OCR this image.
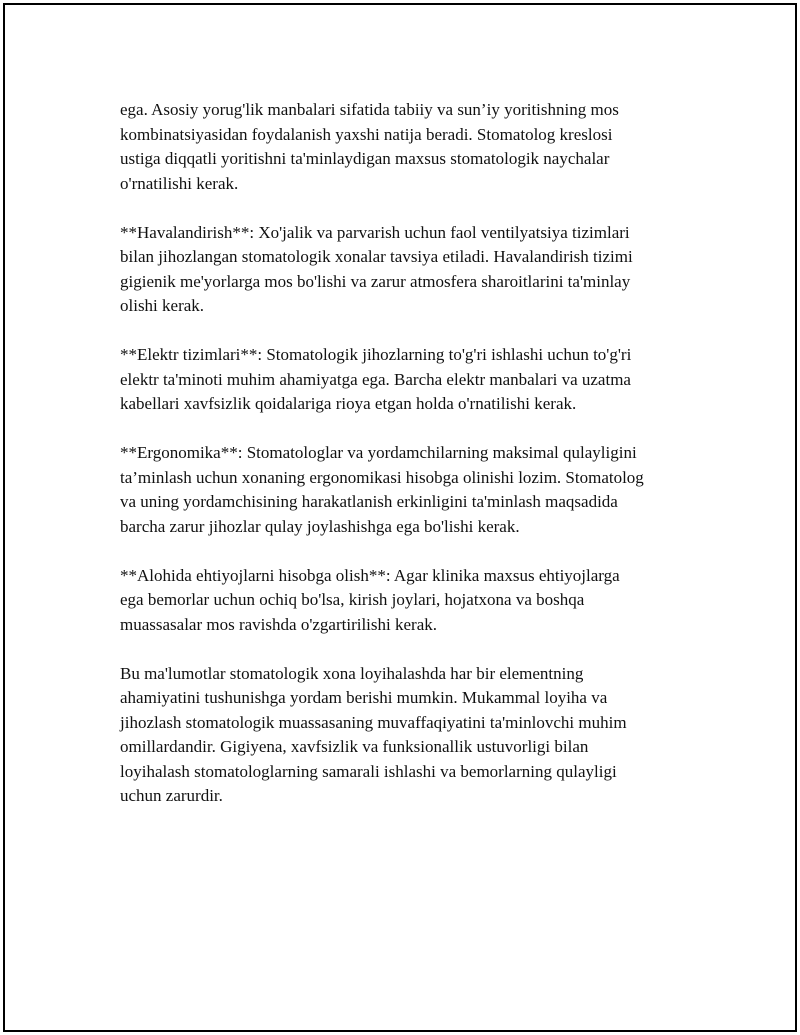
ega. Asosiy yorug'lik manbalari sifatida tabiiy va sun’iy yoritishning mos
kombinatsiyasidan foydalanish yaxshi natija beradi. Stomatolog kreslosi
ustiga diqqatli yoritishni ta'minlaydigan maxsus stomatologik naychalar
o'rnatilishi kerak.

**Havalandirish**: Xo'jalik va parvarish uchun faol ventilyatsiya tizimlari
bilan jihozlangan stomatologik xonalar tavsiya etiladi. Havalandirish tizimi
gigienik me'yorlarga mos bo'lishi va zarur atmosfera sharoitlarini ta'minlay
olishi kerak.

**Elektr tizimlari**: Stomatologik jihozlarning to'g'ri ishlashi uchun to'g'ri
elektr ta'minoti muhim ahamiyatga ega. Barcha elektr manbalari va uzatma
kabellari xavfsizlik qoidalariga rioya etgan holda o'rnatilishi kerak.

**Ergonomika**: Stomatologlar va yordamchilarning maksimal qulayligini
ta’minlash uchun xonaning ergonomikasi hisobga olinishi lozim. Stomatolog
va uning yordamchisining harakatlanish erkinligini ta'minlash maqsadida
barcha zarur jihozlar qulay joylashishga ega bo'lishi kerak.

**Alohida ehtiyojlarni hisobga olish**: Agar klinika maxsus ehtiyojlarga
ega bemorlar uchun ochiq bo'lsa, kirish joylari, hojatxona va boshqa
muassasalar mos ravishda o'zgartirilishi kerak.

Bu ma'lumotlar stomatologik xona loyihalashda har bir elementning
ahamiyatini tushunishga yordam berishi mumkin. Mukammal loyiha va
jihozlash stomatologik muassasaning muvaffaqiyatini ta'minlovchi muhim
omillardandir. Gigiyena, xavfsizlik va funksionallik ustuvorligi bilan
loyihalash stomatologlarning samarali ishlashi va bemorlarning qulayligi
uchun zarurdir.
